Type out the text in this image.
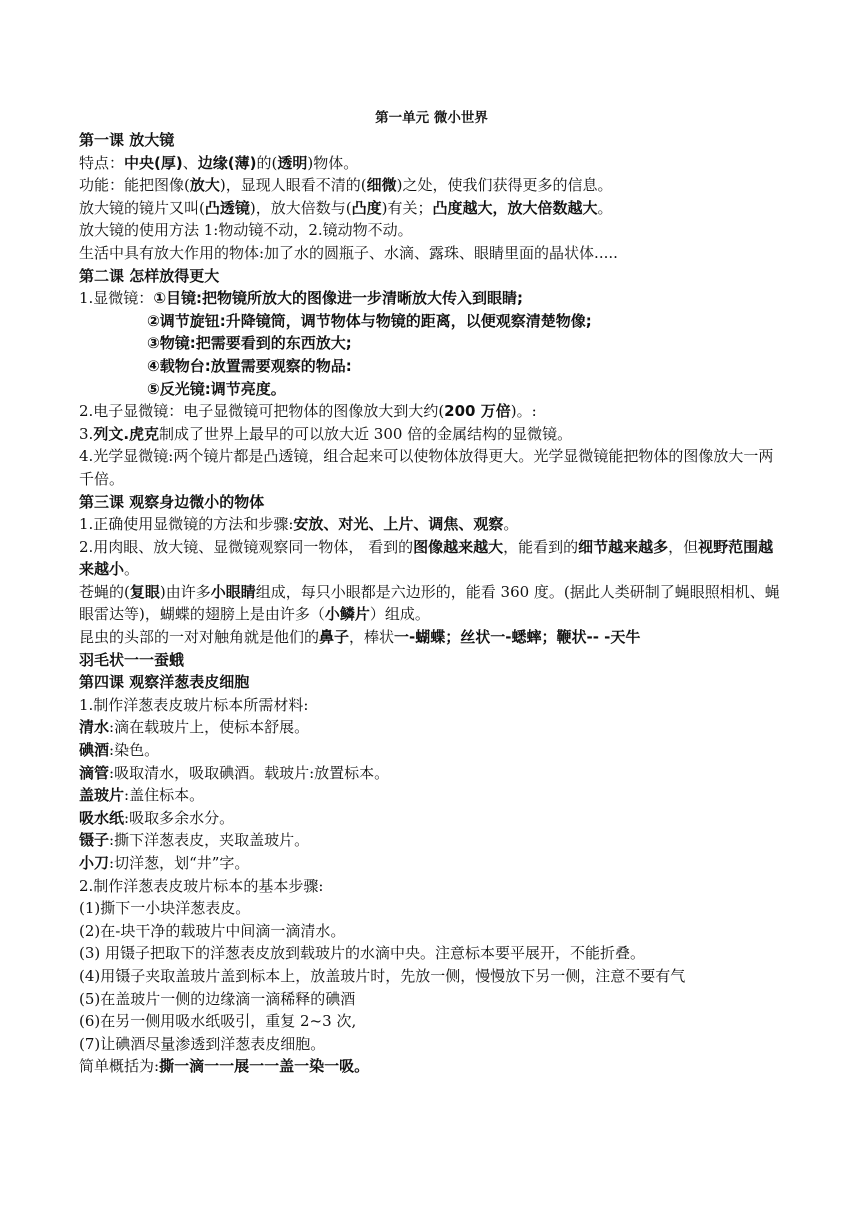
第一单元 微小世界
第一课 放大镜
特点：中央(厚)、边缘(薄)的(透明)物体。
功能：能把图像(放大)，显现人眼看不清的(细微)之处，使我们获得更多的信息。
放大镜的镜片又叫(凸透镜)，放大倍数与(凸度)有关；凸度越大，放大倍数越大。
放大镜的使用方法 1:物动镜不动，2.镜动物不动。
生活中具有放大作用的物体:加了水的圆瓶子、水滴、露珠、眼睛里面的晶状体.....
第二课 怎样放得更大
1.显微镜：①目镜:把物镜所放大的图像进一步清晰放大传入到眼睛;
②调节旋钮:升降镜筒，调节物体与物镜的距离，以便观察清楚物像;
③物镜:把需要看到的东西放大;
④载物台:放置需要观察的物品:
⑤反光镜:调节亮度。
2.电子显微镜：电子显微镜可把物体的图像放大到大约(200 万倍)。:
3.列文.虎克制成了世界上最早的可以放大近 300 倍的金属结构的显微镜。
4.光学显微镜:两个镜片都是凸透镜，组合起来可以使物体放得更大。光学显微镜能把物体的图像放大一两千倍。
第三课 观察身边微小的物体
1.正确使用显微镜的方法和步骤:安放、对光、上片、调焦、观察。
2.用肉眼、放大镜、显微镜观察同一物体， 看到的图像越来越大，能看到的细节越来越多，但视野范围越来越小。
苍蝇的(复眼)由许多小眼睛组成，每只小眼都是六边形的，能看 360 度。(据此人类研制了蝇眼照相机、蝇眼雷达等)，蝴蝶的翅膀上是由许多（小鳞片）组成。
昆虫的头部的一对对触角就是他们的鼻子，棒状一-蝴蝶；丝状一-蟋蟀；鞭状-- -天牛
羽毛状一一蚕蛾
第四课 观察洋葱表皮细胞
1.制作洋葱表皮玻片标本所需材料:
清水:滴在载玻片上，使标本舒展。
碘酒:染色。
滴管:吸取清水，吸取碘酒。载玻片:放置标本。
盖玻片:盖住标本。
吸水纸:吸取多余水分。
镊子:撕下洋葱表皮，夹取盖玻片。
小刀:切洋葱，划“井”字。
2.制作洋葱表皮玻片标本的基本步骤:
(1)撕下一小块洋葱表皮。
(2)在-块干净的载玻片中间滴一滴清水。
(3) 用镊子把取下的洋葱表皮放到载玻片的水滴中央。注意标本要平展开，不能折叠。
(4)用镊子夹取盖玻片盖到标本上，放盖玻片时，先放一侧，慢慢放下另一侧，注意不要有气
(5)在盖玻片一侧的边缘滴一滴稀释的碘酒
(6)在另一侧用吸水纸吸引，重复 2~3 次,
(7)让碘酒尽量渗透到洋葱表皮细胞。
简单概括为:撕一滴一一展一一盖一染一吸。
